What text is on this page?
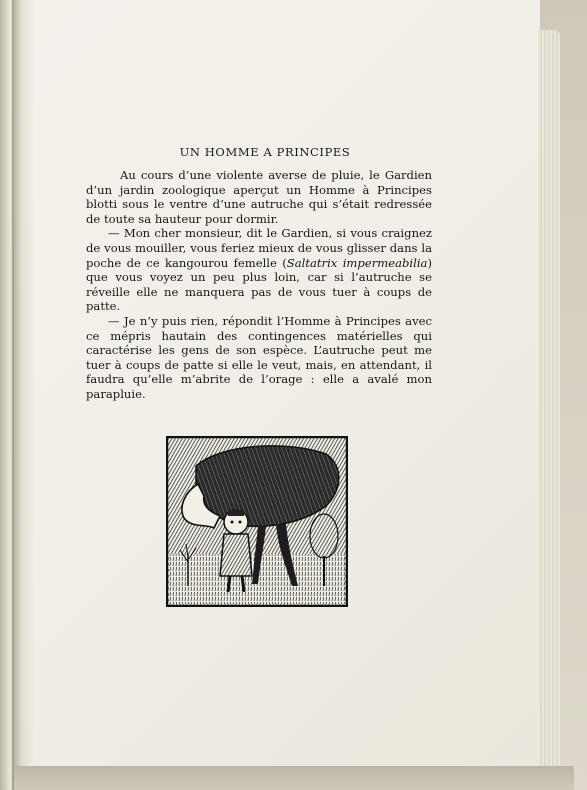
UN HOMME A PRINCIPES

Au cours d’une violente averse de pluie, le Gardien d’un jardin zoologique aperçut un Homme à Principes blotti sous le ventre d’une autruche qui s’était redressée de toute sa hauteur pour dormir.

— Mon cher monsieur, dit le Gardien, si vous craignez de vous mouiller, vous feriez mieux de vous glisser dans la poche de ce kangourou femelle (Saltatrix impermeabilia) que vous voyez un peu plus loin, car si l’autruche se réveille elle ne manquera pas de vous tuer à coups de patte.

— Je n’y puis rien, répondit l’Homme à Principes avec ce mépris hautain des contingences matérielles qui caractérise les gens de son espèce. L’autruche peut me tuer à coups de patte si elle le veut, mais, en attendant, il faudra qu’elle m’abrite de l’orage : elle a avalé mon parapluie.
